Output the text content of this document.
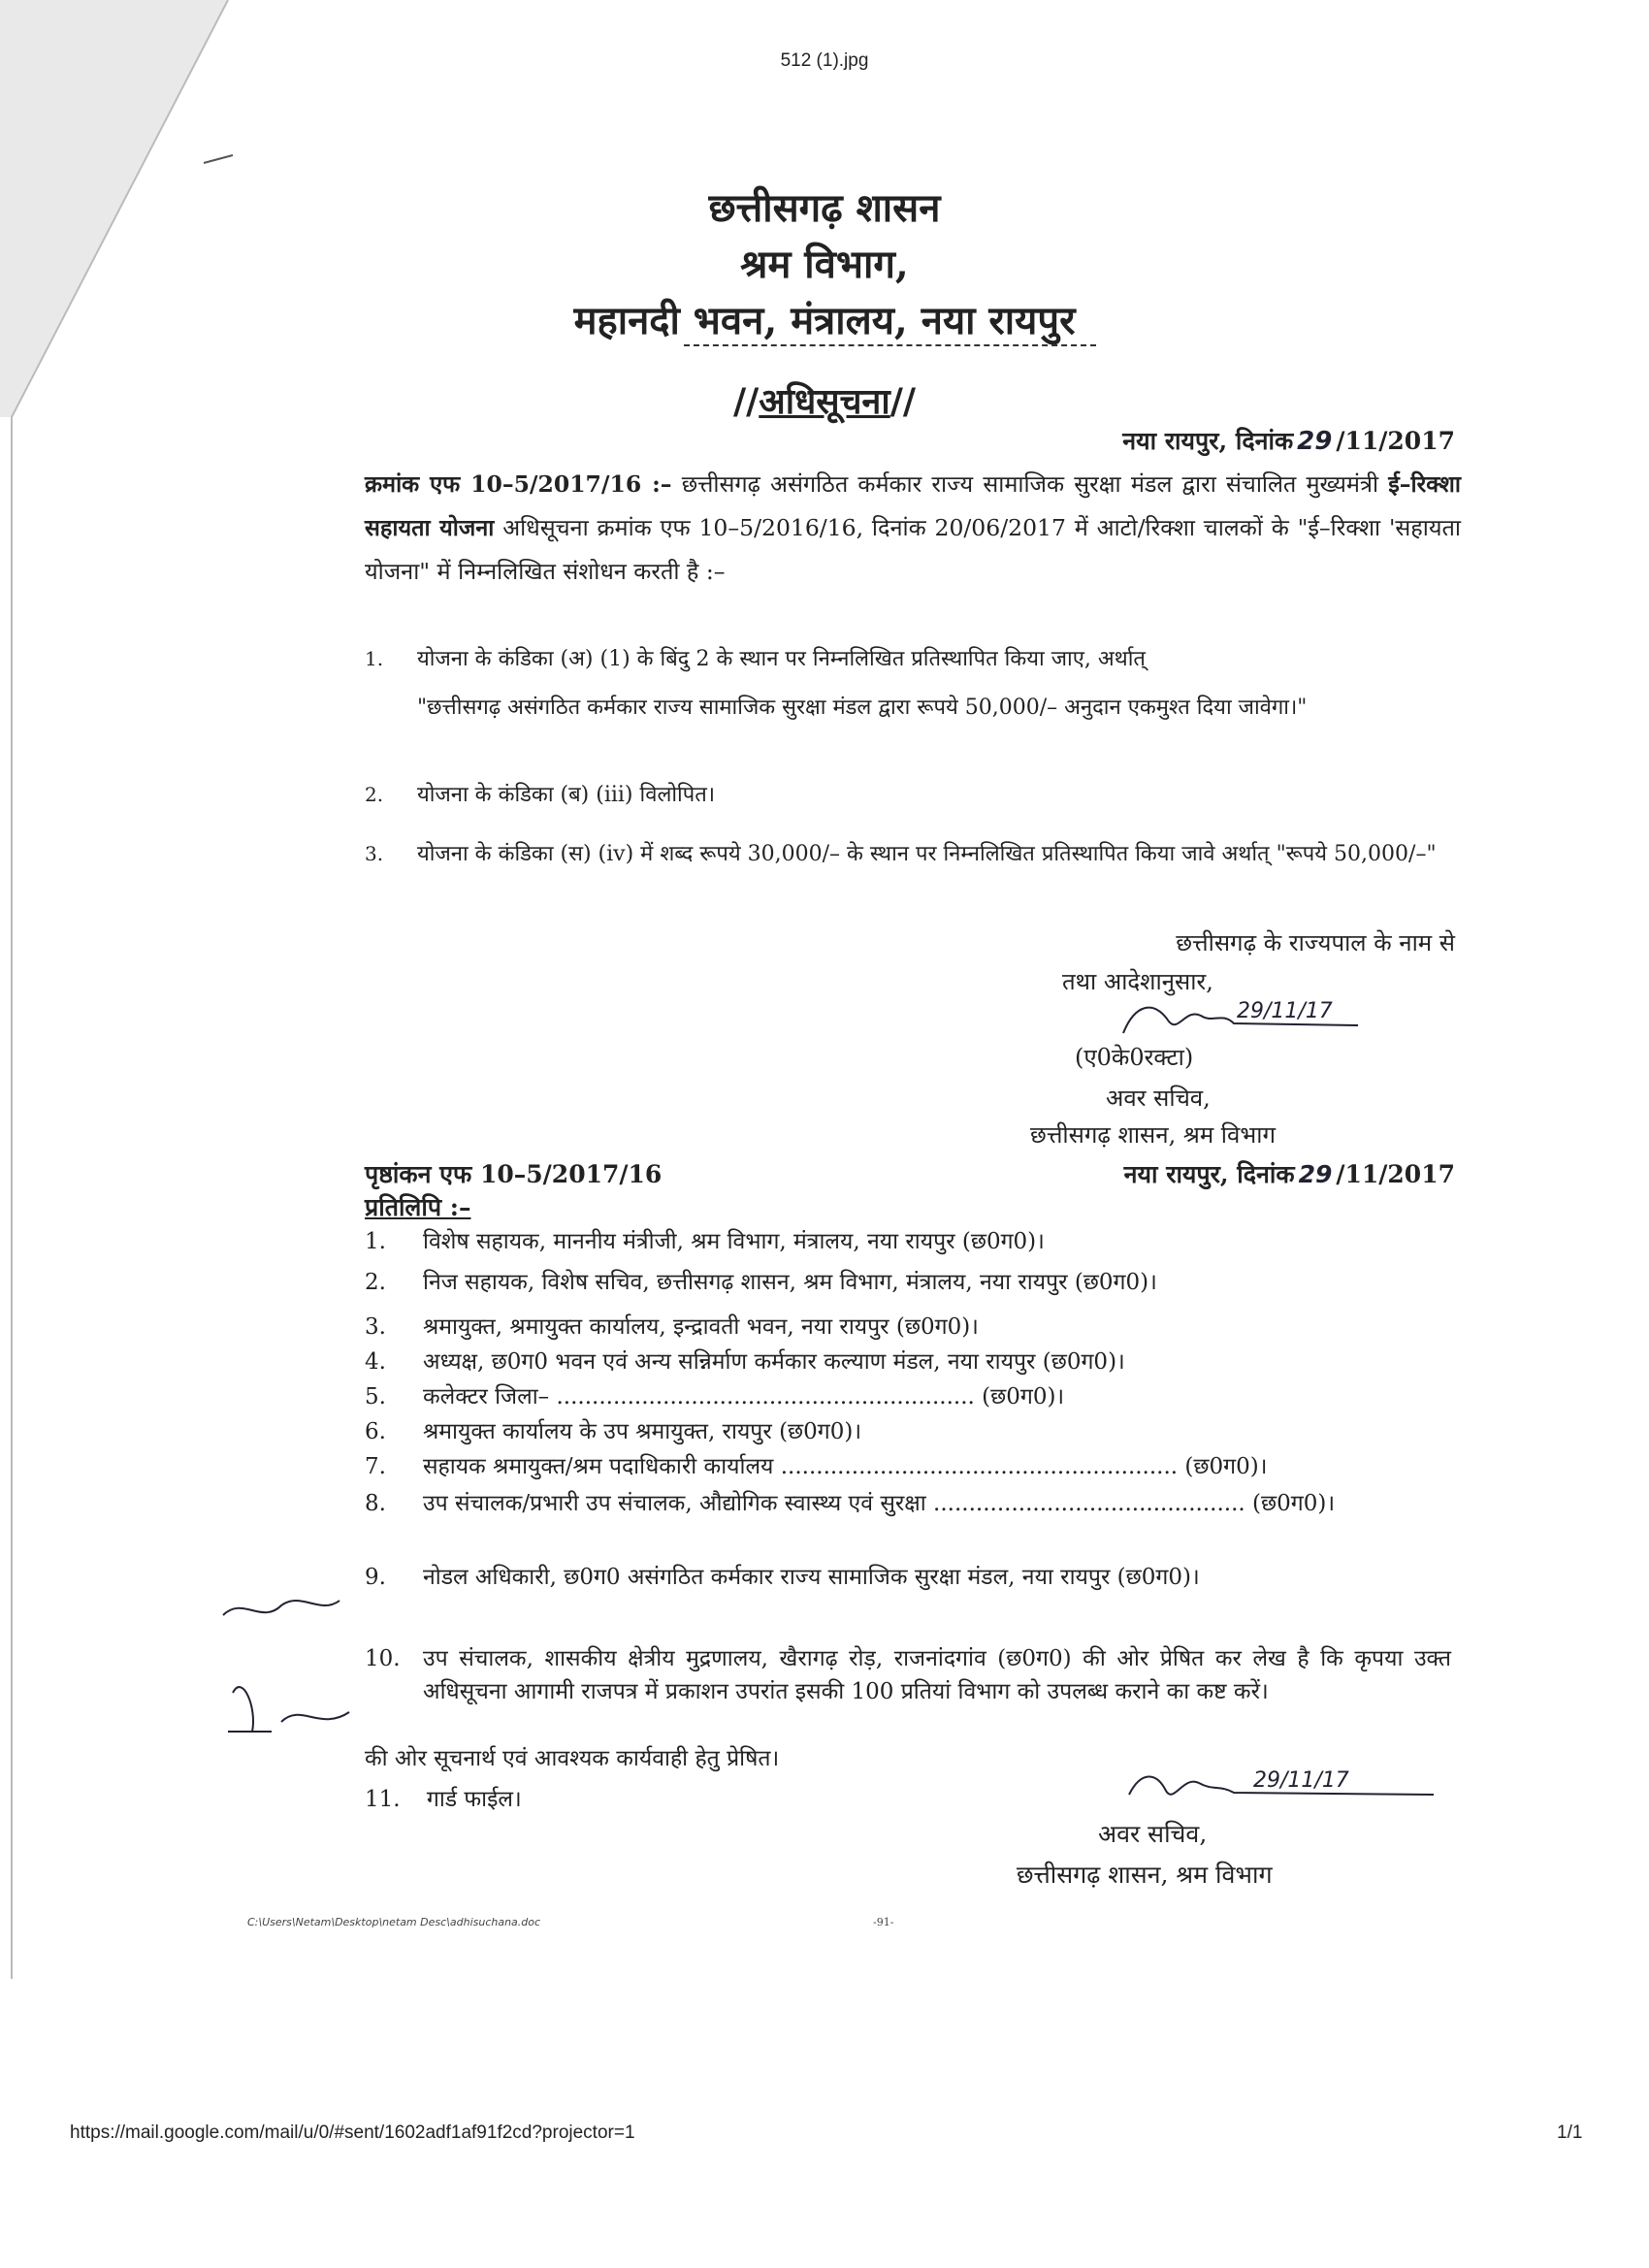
512 (1).jpg
छत्तीसगढ़ शासन
श्रम विभाग,
महानदी भवन, मंत्रालय, नया रायपुर
//अधिसूचना//
नया रायपुर, दिनांक 29 /11/2017
क्रमांक एफ 10–5/2017/16 :– छत्तीसगढ़ असंगठित कर्मकार राज्य सामाजिक सुरक्षा मंडल द्वारा संचालित मुख्यमंत्री ई–रिक्शा सहायता योजना अधिसूचना क्रमांक एफ 10–5/2016/16, दिनांक 20/06/2017 में आटो/रिक्शा चालकों के "ई–रिक्शा 'सहायता योजना" में निम्नलिखित संशोधन करती है :–
1. योजना के कंडिका (अ) (1) के बिंदु 2 के स्थान पर निम्नलिखित प्रतिस्थापित किया जाए, अर्थात्
"छत्तीसगढ़ असंगठित कर्मकार राज्य सामाजिक सुरक्षा मंडल द्वारा रूपये 50,000/– अनुदान एकमुश्त दिया जावेगा।"
2. योजना के कंडिका (ब) (iii) विलोपित।
3. योजना के कंडिका (स) (iv) में शब्द रूपये 30,000/– के स्थान पर निम्नलिखित प्रतिस्थापित किया जावे अर्थात् "रूपये 50,000/–"
छत्तीसगढ़ के राज्यपाल के नाम से
तथा आदेशानुसार,
29/11/17
(ए0के0रक्टा)
अवर सचिव,
छत्तीसगढ़ शासन, श्रम विभाग
पृष्ठांकन एफ 10–5/2017/16	नया रायपुर, दिनांक 29 /11/2017
प्रतिलिपि :–
1.	विशेष सहायक, माननीय मंत्रीजी, श्रम विभाग, मंत्रालय, नया रायपुर (छ0ग0)।
2.	निज सहायक, विशेष सचिव, छत्तीसगढ़ शासन, श्रम विभाग, मंत्रालय, नया रायपुर (छ0ग0)।
3.	श्रमायुक्त, श्रमायुक्त कार्यालय, इन्द्रावती भवन, नया रायपुर (छ0ग0)।
4.	अध्यक्ष, छ0ग0 भवन एवं अन्य सन्निर्माण कर्मकार कल्याण मंडल, नया रायपुर (छ0ग0)।
5.	कलेक्टर जिला– ........................................................... (छ0ग0)।
6.	श्रमायुक्त कार्यालय के उप श्रमायुक्त, रायपुर (छ0ग0)।
7.	सहायक श्रमायुक्त/श्रम पदाधिकारी कार्यालय ........................................................ (छ0ग0)।
8.	उप संचालक/प्रभारी उप संचालक, औद्योगिक स्वास्थ्य एवं सुरक्षा ............................................ (छ0ग0)।
9.	नोडल अधिकारी, छ0ग0 असंगठित कर्मकार राज्य सामाजिक सुरक्षा मंडल, नया रायपुर (छ0ग0)।
10.	उप संचालक, शासकीय क्षेत्रीय मुद्रणालय, खैरागढ़ रोड़, राजनांदगांव (छ0ग0) की ओर प्रेषित कर लेख है कि कृपया उक्त अधिसूचना आगामी राजपत्र में प्रकाशन उपरांत इसकी 100 प्रतियां विभाग को उपलब्ध कराने का कष्ट करें।
की ओर सूचनार्थ एवं आवश्यक कार्यवाही हेतु प्रेषित।
11. गार्ड फाईल।
29/11/17
अवर सचिव,
छत्तीसगढ़ शासन, श्रम विभाग
C:\Users\Netam\Desktop\netam Desc\adhisuchana.doc	-91-
https://mail.google.com/mail/u/0/#sent/1602adf1af91f2cd?projector=1	1/1
